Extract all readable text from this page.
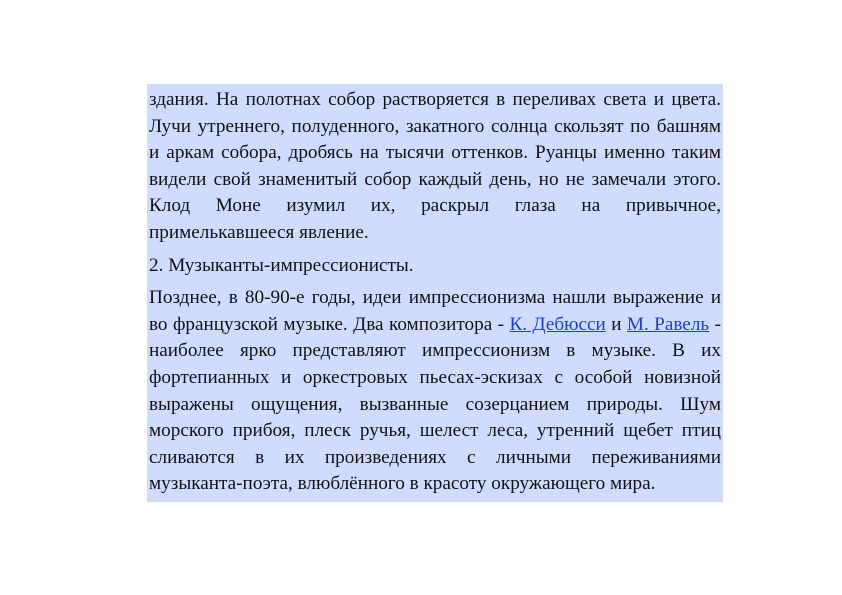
здания. На полотнах собор растворяется в переливах света и цвета. Лучи утреннего, полуденного, закатного солнца скользят по башням и аркам собора, дробясь на тысячи оттенков. Руанцы именно таким видели свой знаменитый собор каждый день, но не замечали этого. Клод Моне изумил их, раскрыл глаза на привычное, примелькавшееся явление.

2. Музыканты-импрессионисты.

Позднее, в 80-90-е годы, идеи импрессионизма нашли выражение и во французской музыке. Два композитора - К. Дебюсси и М. Равель - наиболее ярко представляют импрессионизм в музыке. В их фортепианных и оркестровых пьесах-эскизах с особой новизной выражены ощущения, вызванные созерцанием природы. Шум морского прибоя, плеск ручья, шелест леса, утренний щебет птиц сливаются в их произведениях с личными переживаниями музыканта-поэта, влюблённого в красоту окружающего мира.
